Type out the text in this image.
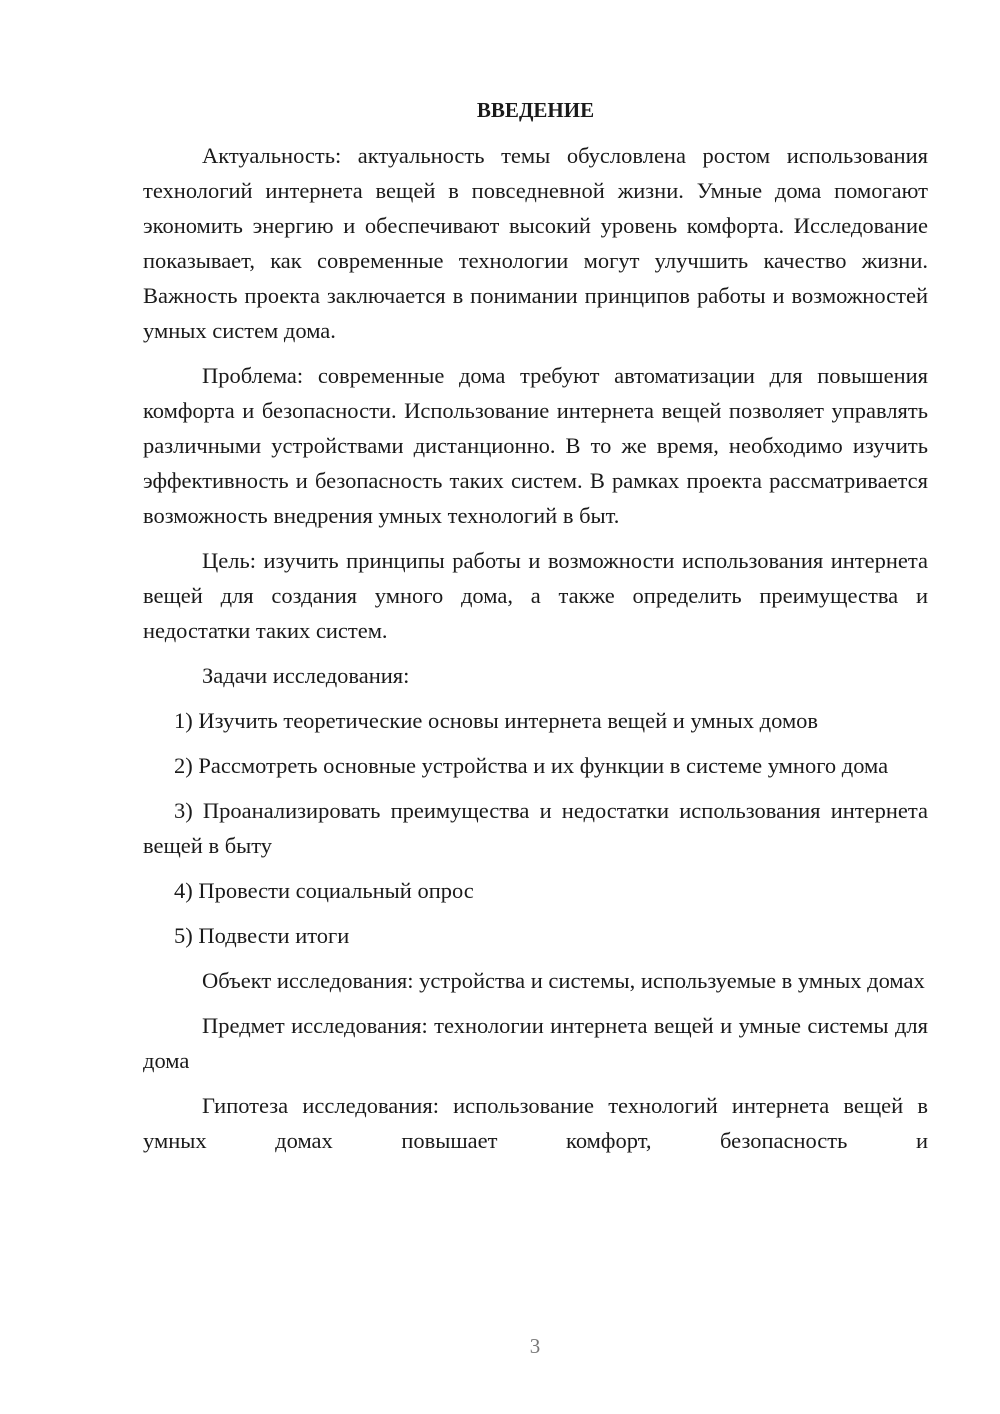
ВВЕДЕНИЕ

Актуальность: актуальность темы обусловлена ростом использования технологий интернета вещей в повседневной жизни. Умные дома помогают экономить энергию и обеспечивают высокий уровень комфорта. Исследование показывает, как современные технологии могут улучшить качество жизни. Важность проекта заключается в понимании принципов работы и возможностей умных систем дома.

Проблема: современные дома требуют автоматизации для повышения комфорта и безопасности. Использование интернета вещей позволяет управлять различными устройствами дистанционно. В то же время, необходимо изучить эффективность и безопасность таких систем. В рамках проекта рассматривается возможность внедрения умных технологий в быт.

Цель: изучить принципы работы и возможности использования интернета вещей для создания умного дома, а также определить преимущества и недостатки таких систем.

Задачи исследования:

1) Изучить теоретические основы интернета вещей и умных домов

2) Рассмотреть основные устройства и их функции в системе умного дома

3) Проанализировать преимущества и недостатки использования интернета вещей в быту

4) Провести социальный опрос

5) Подвести итоги

Объект исследования: устройства и системы, используемые в умных домах

Предмет исследования: технологии интернета вещей и умные системы для дома

Гипотеза исследования: использование технологий интернета вещей в умных домах повышает комфорт, безопасность и

3
